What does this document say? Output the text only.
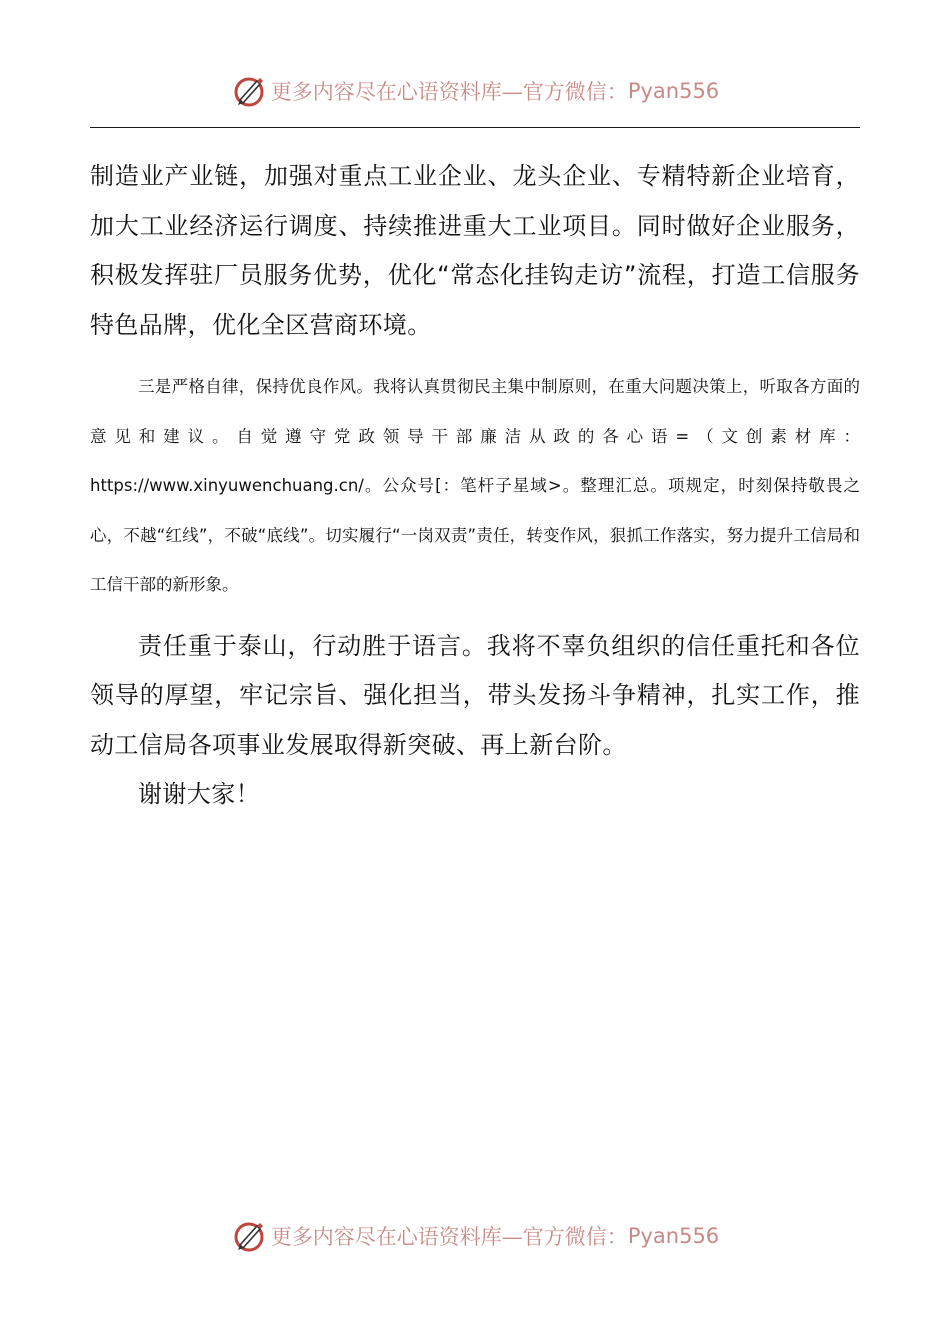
更多内容尽在心语资料库—官方微信： Pyan556

制造业产业链，加强对重点工业企业、龙头企业、专精特新企业培育，加大工业经济运行调度、持续推进重大工业项目。同时做好企业服务，积极发挥驻厂员服务优势，优化“常态化挂钩走访”流程，打造工信服务特色品牌，优化全区营商环境。

三是严格自律，保持优良作风。我将认真贯彻民主集中制原则，在重大问题决策上，听取各方面的意见和建议。自觉遵守党政领导干部廉洁从政的各心语=（文创素材库：https://www.xinyuwenchuang.cn/。公众号[：笔杆子星域>。整理汇总。项规定，时刻保持敬畏之心，不越“红线”，不破“底线”。切实履行“一岗双责”责任，转变作风，狠抓工作落实，努力提升工信局和工信干部的新形象。

责任重于泰山，行动胜于语言。我将不辜负组织的信任重托和各位领导的厚望，牢记宗旨、强化担当，带头发扬斗争精神，扎实工作，推动工信局各项事业发展取得新突破、再上新台阶。

谢谢大家！

更多内容尽在心语资料库—官方微信： Pyan556
